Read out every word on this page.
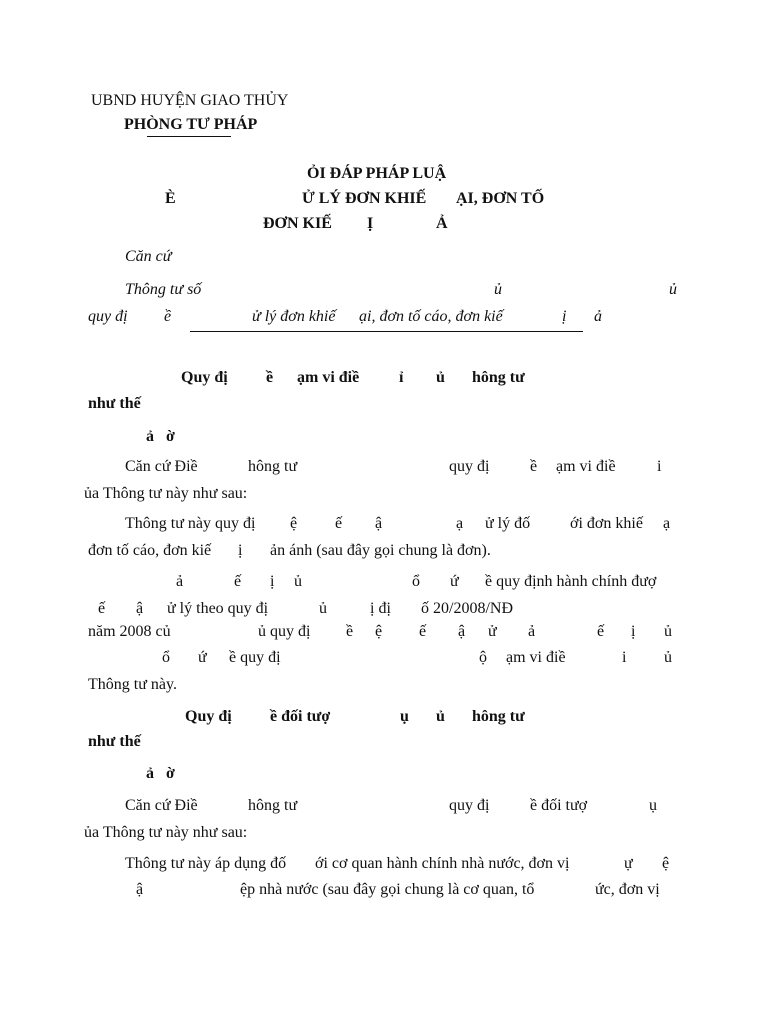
UBND HUYỆN GIAO THỦY
PHÒNG TƯ PHÁP
ỎI ĐÁP PHÁP LUẬ
È	Ử LÝ ĐƠN KHIẾ ẠI, ĐƠN TỐ
ĐƠN KIẾ Ị	Ả
Căn cứ
Thông tư số	ủ	ủ
quy đị ề	ử lý đơn khiế ại, đơn tố cáo, đơn kiế	ị ả
Quy đị ề ạm vi điề ỉ ủ hông tư
như thế
ả ờ
Căn cứ Điề	hông tư	quy đị	ề ạm vi điề	i
ủa Thông tư này như sau:
Thông tư này quy đị ệ ế ậ	ạ ử lý đố ới đơn khiế ạ
đơn tố cáo, đơn kiế ị ản ánh (sau đây gọi chung là đơn).
ả	ế ị ủ	ổ ứ ề quy định hành chính đượ
ế ậ ử lý theo quy đị	ủ	ị đị ố 20/2008/NĐ
năm 2008 củ	ủ quy đị ề ệ ế ậ ử ả	ế ị ủ
ổ ứ ề quy đị	ộ ạm vi điề	i ủ
Thông tư này.
Quy đị ề đối tượ	ụ ủ hông tư
như thế
ả ờ
Căn cứ Điề	hông tư	quy đị	ề đối tượ	ụ
ủa Thông tư này như sau:
Thông tư này áp dụng đố ới cơ quan hành chính nhà nước, đơn vị	ự ệ
ậ	ệp nhà nước (sau đây gọi chung là cơ quan, tổ	ức, đơn vị
